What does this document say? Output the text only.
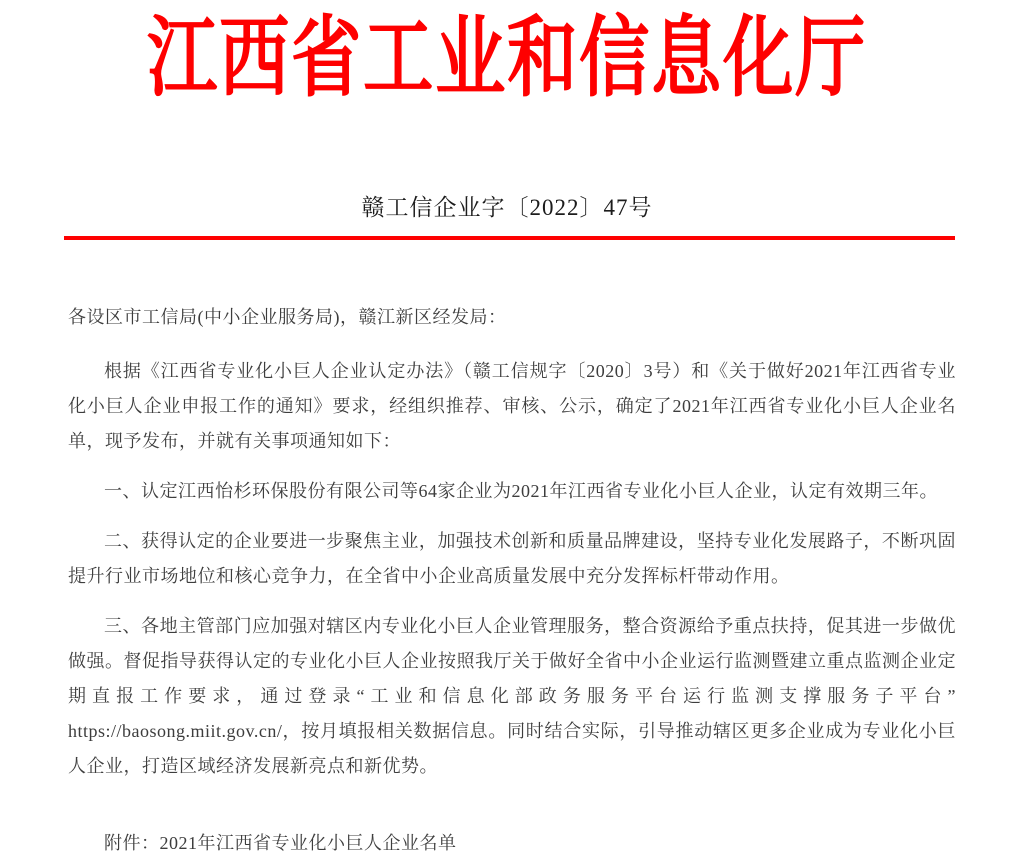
江西省工业和信息化厅
赣工信企业字〔2022〕47号

各设区市工信局(中小企业服务局)，赣江新区经发局：

根据《江西省专业化小巨人企业认定办法》（赣工信规字〔2020〕3号）和《关于做好2021年江西省专业化小巨人企业申报工作的通知》要求，经组织推荐、审核、公示，确定了2021年江西省专业化小巨人企业名单，现予发布，并就有关事项通知如下：

一、认定江西怡杉环保股份有限公司等64家企业为2021年江西省专业化小巨人企业，认定有效期三年。

二、获得认定的企业要进一步聚焦主业，加强技术创新和质量品牌建设，坚持专业化发展路子，不断巩固提升行业市场地位和核心竞争力，在全省中小企业高质量发展中充分发挥标杆带动作用。

三、各地主管部门应加强对辖区内专业化小巨人企业管理服务，整合资源给予重点扶持，促其进一步做优做强。督促指导获得认定的专业化小巨人企业按照我厅关于做好全省中小企业运行监测暨建立重点监测企业定期直报工作要求，通过登录“工业和信息化部政务服务平台运行监测支撑服务子平台”https://baosong.miit.gov.cn/，按月填报相关数据信息。同时结合实际，引导推动辖区更多企业成为专业化小巨人企业，打造区域经济发展新亮点和新优势。

附件：2021年江西省专业化小巨人企业名单
